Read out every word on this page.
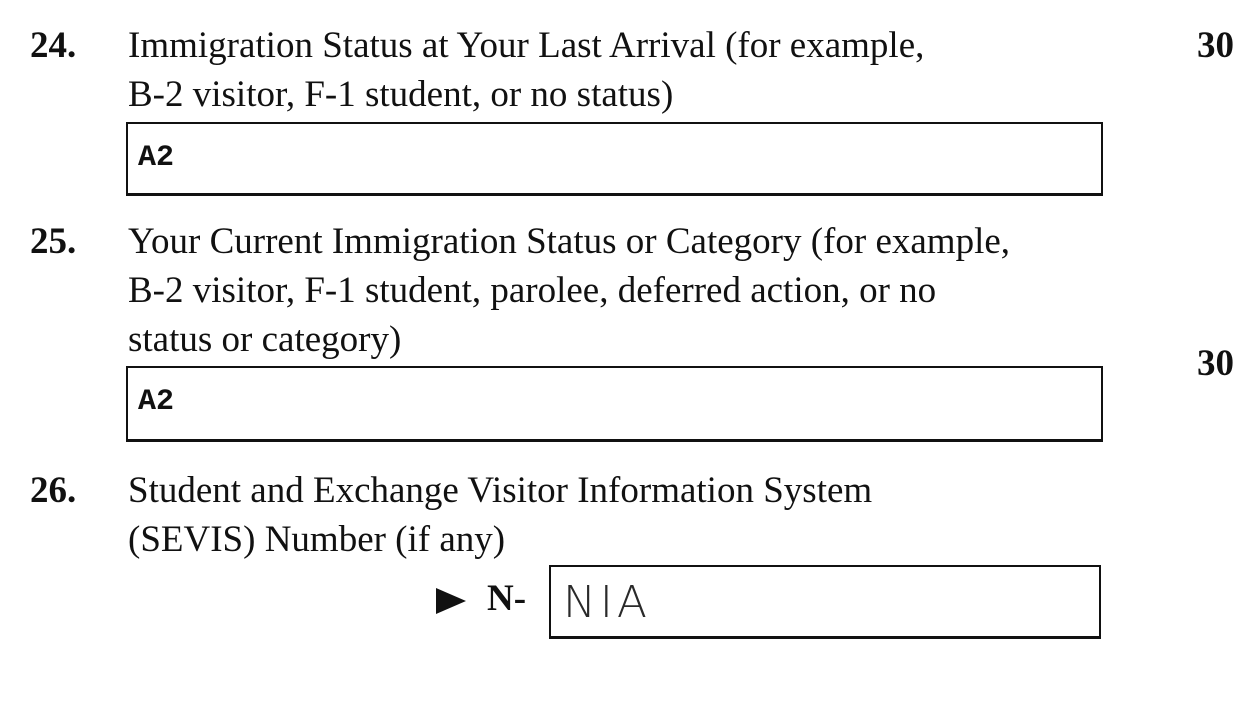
30
30
24. Immigration Status at Your Last Arrival (for example,
B-2 visitor, F-1 student, or no status)
A2
25. Your Current Immigration Status or Category (for example,
B-2 visitor, F-1 student, parolee, deferred action, or no
status or category)
A2
26. Student and Exchange Visitor Information System
(SEVIS) Number (if any)
N- NIA
